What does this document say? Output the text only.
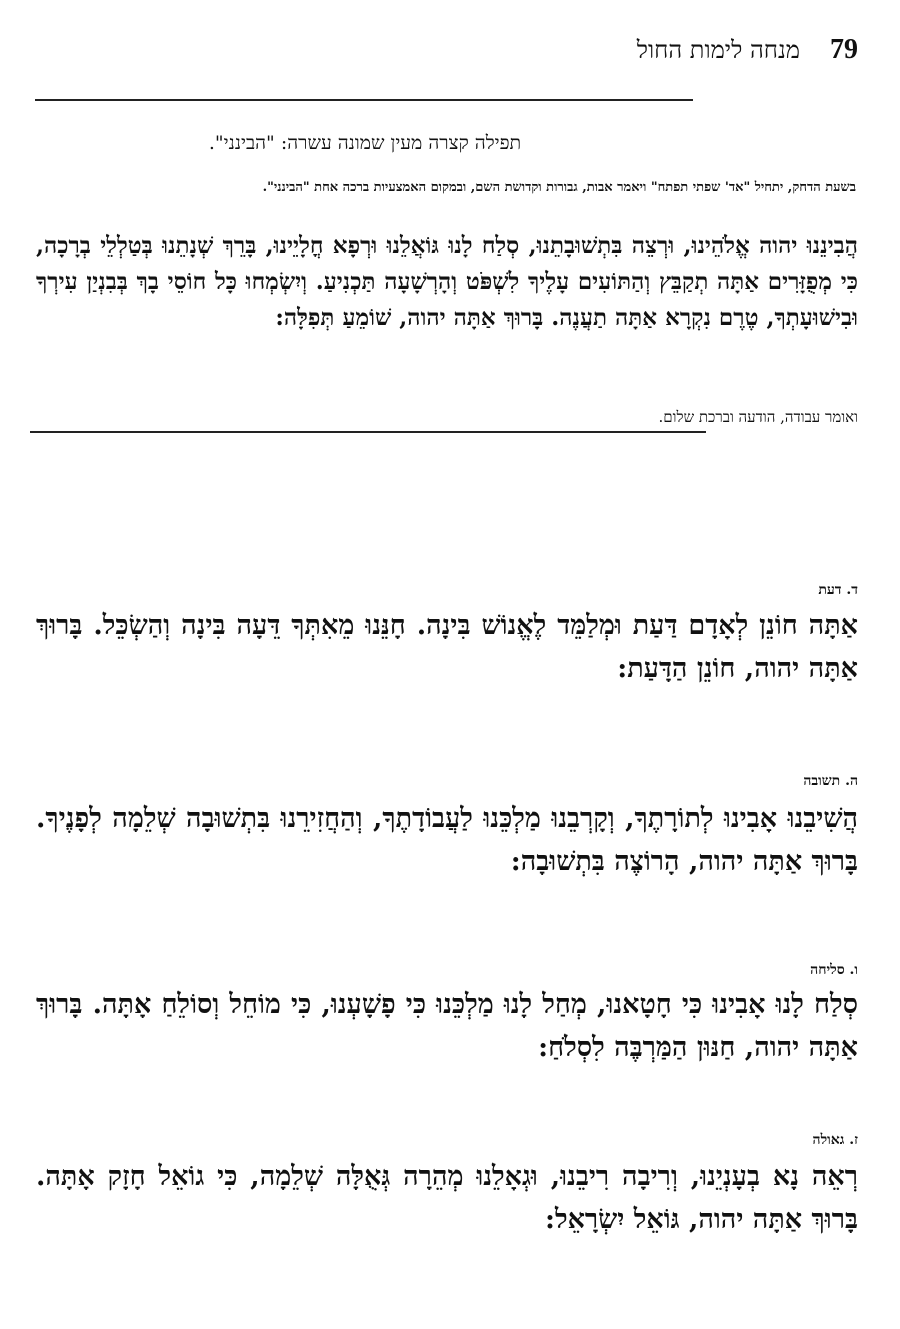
79
מנחה לימות החול
תפילה קצרה מעין שמונה עשרה: "הבינני".
בשעת הדחק, יתחיל "אד' שפתי תפתח" ויאמר אבות, גבורות וקדושת השם, ובמקום האמצעיות ברכה אחת "הבינני".
הֲבִינֵנוּ יהוה אֱלֹהֵינוּ, וּרְצֵה בִּתְשׁוּבָתֵנוּ, סְלַח לָנוּ גּוֹאֲלֵנוּ וּרְפָא חֳלָיֵינוּ, בָּרֵךְ שְׁנָתֵנוּ בְּטַלְלֵי בְרָכָה, כִּי מְפֻזָּרִים אַתָּה תְקַבֵּץ וְהַתּוֹעִים עָלֶיךָ לִשְׁפֹּט וְהָרְשָׁעָה תַּכְנִיעַ. וְיִשְׂמְחוּ כָּל חוֹסֵי בָךְ בְּבִנְיַן עִירְךָ וּבִישׁוּעָתְךָ, טֶרֶם נִקְרָא אַתָּה תַעֲנֶה. בָּרוּךְ אַתָּה יהוה, שׁוֹמֵעַ תְּפִלָּה:
ואומר עבודה, הודעה וברכת שלום.
ד. דעת
אַתָּה חוֹנֵן לְאָדָם דַּעַת וּמְלַמֵּד לֶאֱנוֹשׁ בִּינָה. חָנֵּנוּ מֵאִתְּךָ דֵּעָה בִּינָה וְהַשְׂכֵּל. בָּרוּךְ אַתָּה יהוה, חוֹנֵן הַדָּעַת:
ה. תשובה
הֲשִׁיבֵנוּ אָבִינוּ לְתוֹרָתֶךָ, וְקָרְבֵנוּ מַלְכֵּנוּ לַעֲבוֹדָתֶךָ, וְהַחֲזִירֵנוּ בִּתְשׁוּבָה שְׁלֵמָה לְפָנֶיךָ. בָּרוּךְ אַתָּה יהוה, הָרוֹצֶה בִּתְשׁוּבָה:
ו. סליחה
סְלַח לָנוּ אָבִינוּ כִּי חָטָאנוּ, מְחַל לָנוּ מַלְכֵּנוּ כִּי פָשָׁעְנוּ, כִּי מוֹחֵל וְסוֹלֵחַ אָתָּה. בָּרוּךְ אַתָּה יהוה, חַנּוּן הַמַּרְבֶּה לִסְלֹחַ:
ז. גאולה
רְאֵה נָא בְעָנְיֵנוּ, וְרִיבָה רִיבֵנוּ, וּגְאָלֵנוּ מְהֵרָה גְּאֻלָּה שְׁלֵמָה, כִּי גוֹאֵל חָזָק אָתָּה. בָּרוּךְ אַתָּה יהוה, גּוֹאֵל יִשְׂרָאֵל:
